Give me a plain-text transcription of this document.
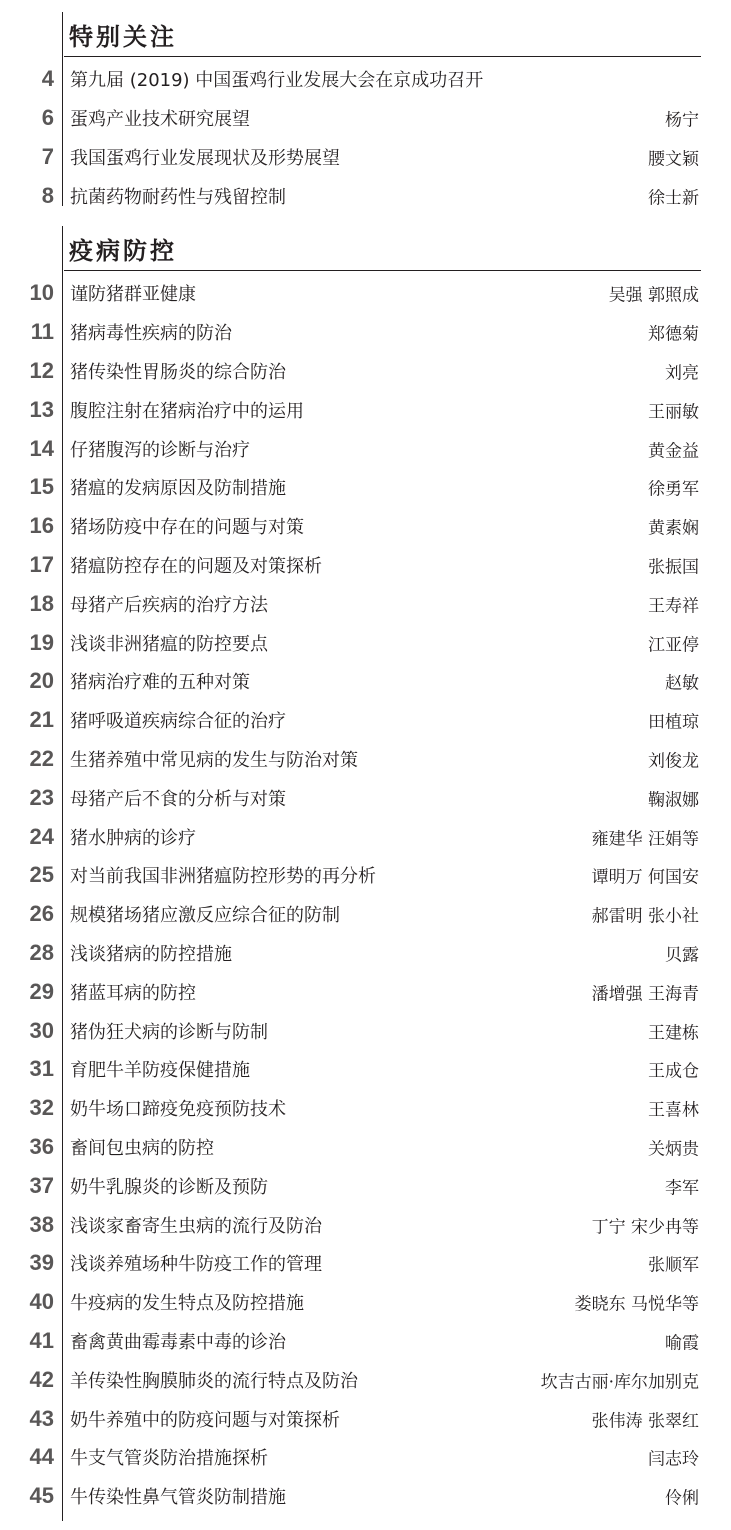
特别关注
4 第九届 (2019) 中国蛋鸡行业发展大会在京成功召开
6 蛋鸡产业技术研究展望	杨宁
7 我国蛋鸡行业发展现状及形势展望	腰文颖
8 抗菌药物耐药性与残留控制	徐士新
疫病防控
10 谨防猪群亚健康	吴强 郭照成
11 猪病毒性疾病的防治	郑德菊
12 猪传染性胃肠炎的综合防治	刘亮
13 腹腔注射在猪病治疗中的运用	王丽敏
14 仔猪腹泻的诊断与治疗	黄金益
15 猪瘟的发病原因及防制措施	徐勇军
16 猪场防疫中存在的问题与对策	黄素娴
17 猪瘟防控存在的问题及对策探析	张振国
18 母猪产后疾病的治疗方法	王寿祥
19 浅谈非洲猪瘟的防控要点	江亚停
20 猪病治疗难的五种对策	赵敏
21 猪呼吸道疾病综合征的治疗	田植琼
22 生猪养殖中常见病的发生与防治对策	刘俊龙
23 母猪产后不食的分析与对策	鞠淑娜
24 猪水肿病的诊疗	雍建华 汪娟等
25 对当前我国非洲猪瘟防控形势的再分析	谭明万 何国安
26 规模猪场猪应激反应综合征的防制	郝雷明 张小社
28 浅谈猪病的防控措施	贝露
29 猪蓝耳病的防控	潘增强 王海青
30 猪伪狂犬病的诊断与防制	王建栋
31 育肥牛羊防疫保健措施	王成仓
32 奶牛场口蹄疫免疫预防技术	王喜林
36 畜间包虫病的防控	关炳贵
37 奶牛乳腺炎的诊断及预防	李军
38 浅谈家畜寄生虫病的流行及防治	丁宁 宋少冉等
39 浅谈养殖场种牛防疫工作的管理	张顺军
40 牛疫病的发生特点及防控措施	娄晓东 马悦华等
41 畜禽黄曲霉毒素中毒的诊治	喻霞
42 羊传染性胸膜肺炎的流行特点及防治	坎吉古丽·库尔加别克
43 奶牛养殖中的防疫问题与对策探析	张伟涛 张翠红
44 牛支气管炎防治措施探析	闫志玲
45 牛传染性鼻气管炎防制措施	伶俐
